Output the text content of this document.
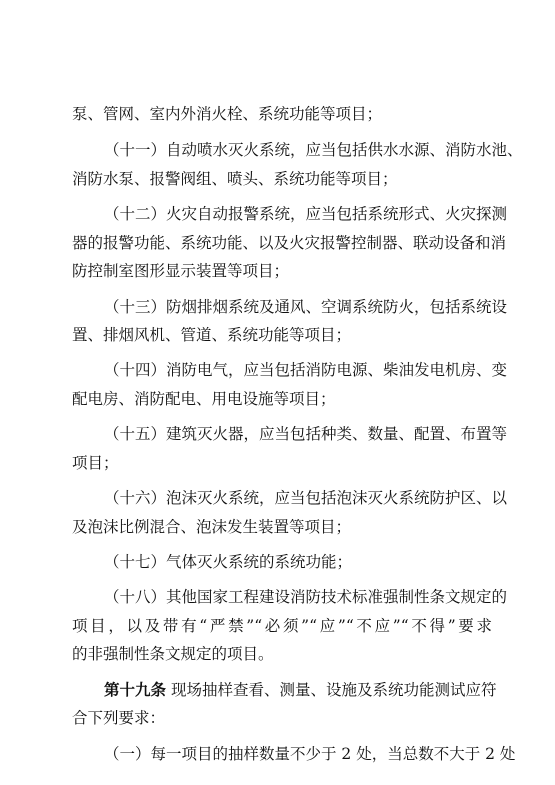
泵、管网、室内外消火栓、系统功能等项目；
（十一）自动喷水灭火系统，应当包括供水水源、消防水池、
消防水泵、报警阀组、喷头、系统功能等项目；
（十二）火灾自动报警系统，应当包括系统形式、火灾探测
器的报警功能、系统功能、以及火灾报警控制器、联动设备和消
防控制室图形显示装置等项目；
（十三）防烟排烟系统及通风、空调系统防火，包括系统设
置、排烟风机、管道、系统功能等项目；
（十四）消防电气，应当包括消防电源、柴油发电机房、变
配电房、消防配电、用电设施等项目；
（十五）建筑灭火器，应当包括种类、数量、配置、布置等
项目；
（十六）泡沫灭火系统，应当包括泡沫灭火系统防护区、以
及泡沫比例混合、泡沫发生装置等项目；
（十七）气体灭火系统的系统功能；
（十八）其他国家工程建设消防技术标准强制性条文规定的
项目，以及带有“严禁”“必须”“应”“不应”“不得”要求
的非强制性条文规定的项目。
第十九条 现场抽样查看、测量、设施及系统功能测试应符
合下列要求：
（一）每一项目的抽样数量不少于 2 处，当总数不大于 2 处
